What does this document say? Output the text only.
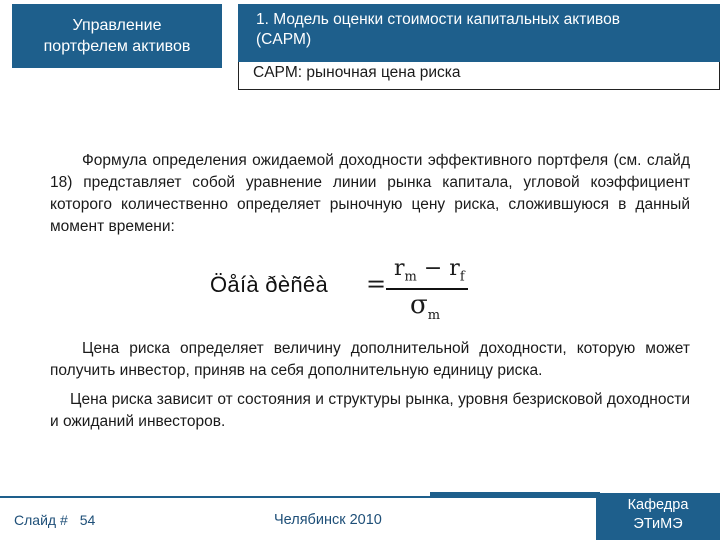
Управление
портфелем активов
1. Модель оценки стоимости капитальных активов
(CAPM)
CAPM: рыночная цена риска
Формула определения ожидаемой доходности эффективного портфеля (см. слайд 18) представляет собой уравнение линии рынка капитала, угловой коэффициент которого количественно определяет рыночную цену риска, сложившуюся в данный момент времени:
Öåíà ðèñêà =
$r_m - r_f$
$\sigma_m$
Цена риска определяет величину дополнительной доходности, которую может получить инвестор, приняв на себя дополнительную единицу риска.
Цена риска зависит от состояния и структуры рынка, уровня безрисковой доходности и ожиданий инвесторов.
Слайд # 54	Челябинск 2010
Кафедра
ЭТиМЭ
